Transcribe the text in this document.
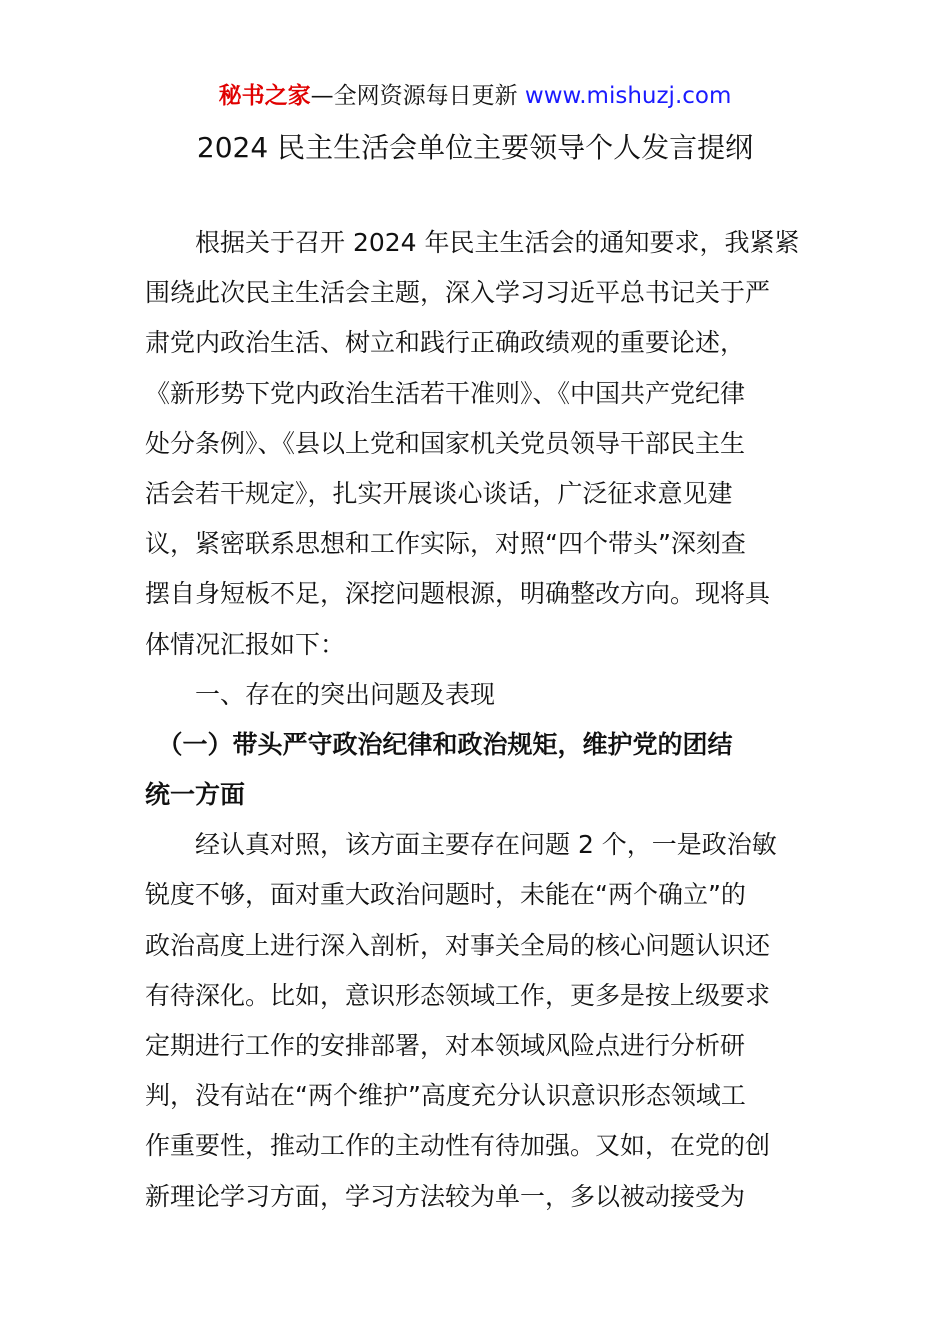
秘书之家—全网资源每日更新 www.mishuzj.com
2024 民主生活会单位主要领导个人发言提纲
　　根据关于召开 2024 年民主生活会的通知要求，我紧紧
围绕此次民主生活会主题，深入学习习近平总书记关于严
肃党内政治生活、树立和践行正确政绩观的重要论述，
《新形势下党内政治生活若干准则》、《中国共产党纪律
处分条例》、《县以上党和国家机关党员领导干部民主生
活会若干规定》，扎实开展谈心谈话，广泛征求意见建
议，紧密联系思想和工作实际，对照“四个带头”深刻查
摆自身短板不足，深挖问题根源，明确整改方向。现将具
体情况汇报如下：
　　一、存在的突出问题及表现
　（一）带头严守政治纪律和政治规矩，维护党的团结
统一方面
　　经认真对照，该方面主要存在问题 2 个，一是政治敏
锐度不够，面对重大政治问题时，未能在“两个确立”的
政治高度上进行深入剖析，对事关全局的核心问题认识还
有待深化。比如，意识形态领域工作，更多是按上级要求
定期进行工作的安排部署，对本领域风险点进行分析研
判，没有站在“两个维护”高度充分认识意识形态领域工
作重要性，推动工作的主动性有待加强。又如，在党的创
新理论学习方面，学习方法较为单一，多以被动接受为
